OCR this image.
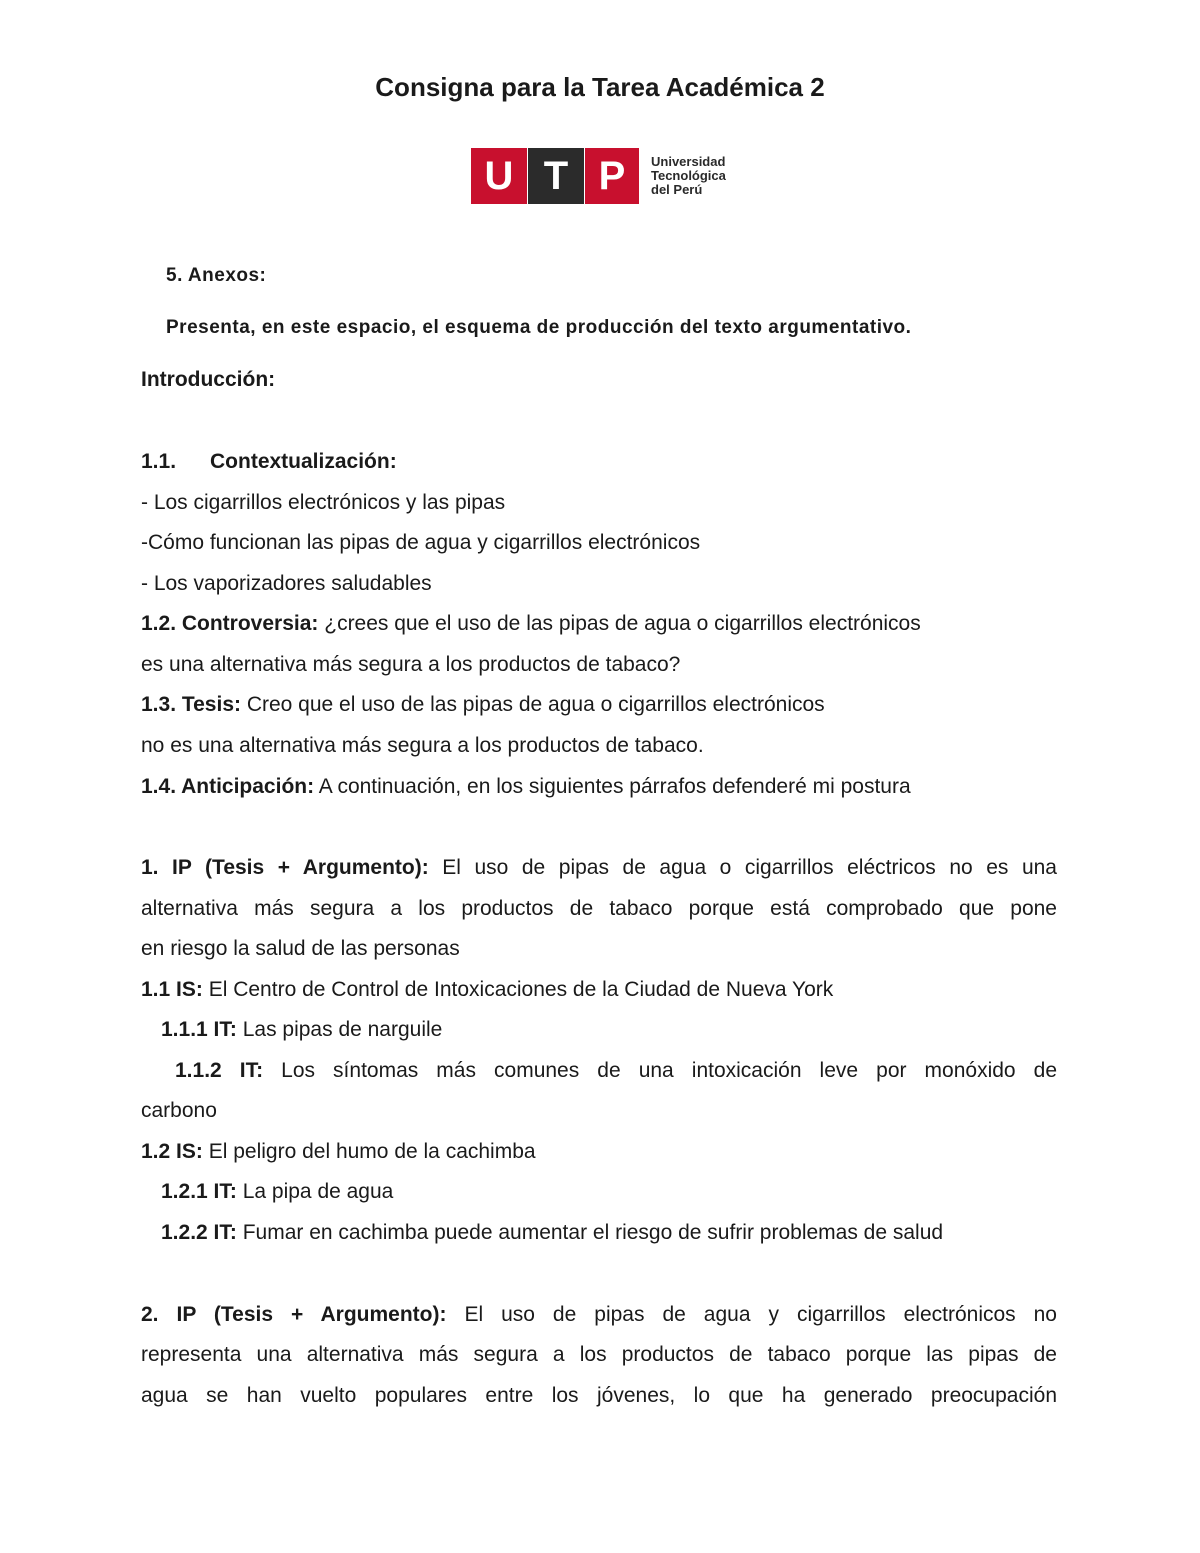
Consigna para la Tarea Académica 2
U T P	Universidad
Tecnológica
del Perú
5. Anexos:
Presenta, en este espacio, el esquema de producción del texto argumentativo.
Introducción:
1.1. Contextualización:
- Los cigarrillos electrónicos y las pipas
-Cómo funcionan las pipas de agua y cigarrillos electrónicos
- Los vaporizadores saludables
1.2. Controversia: ¿crees que el uso de las pipas de agua o cigarrillos electrónicos
es una alternativa más segura a los productos de tabaco?
1.3. Tesis: Creo que el uso de las pipas de agua o cigarrillos electrónicos
no es una alternativa más segura a los productos de tabaco.
1.4. Anticipación: A continuación, en los siguientes párrafos defenderé mi postura
1. IP (Tesis + Argumento): El uso de pipas de agua o cigarrillos eléctricos no es una
alternativa más segura a los productos de tabaco porque está comprobado que pone
en riesgo la salud de las personas
1.1 IS: El Centro de Control de Intoxicaciones de la Ciudad de Nueva York
1.1.1 IT: Las pipas de narguile
1.1.2 IT: Los síntomas más comunes de una intoxicación leve por monóxido de
carbono
1.2 IS: El peligro del humo de la cachimba
1.2.1 IT: La pipa de agua
1.2.2 IT: Fumar en cachimba puede aumentar el riesgo de sufrir problemas de salud
2. IP (Tesis + Argumento): El uso de pipas de agua y cigarrillos electrónicos no
representa una alternativa más segura a los productos de tabaco porque las pipas de
agua se han vuelto populares entre los jóvenes, lo que ha generado preocupación
